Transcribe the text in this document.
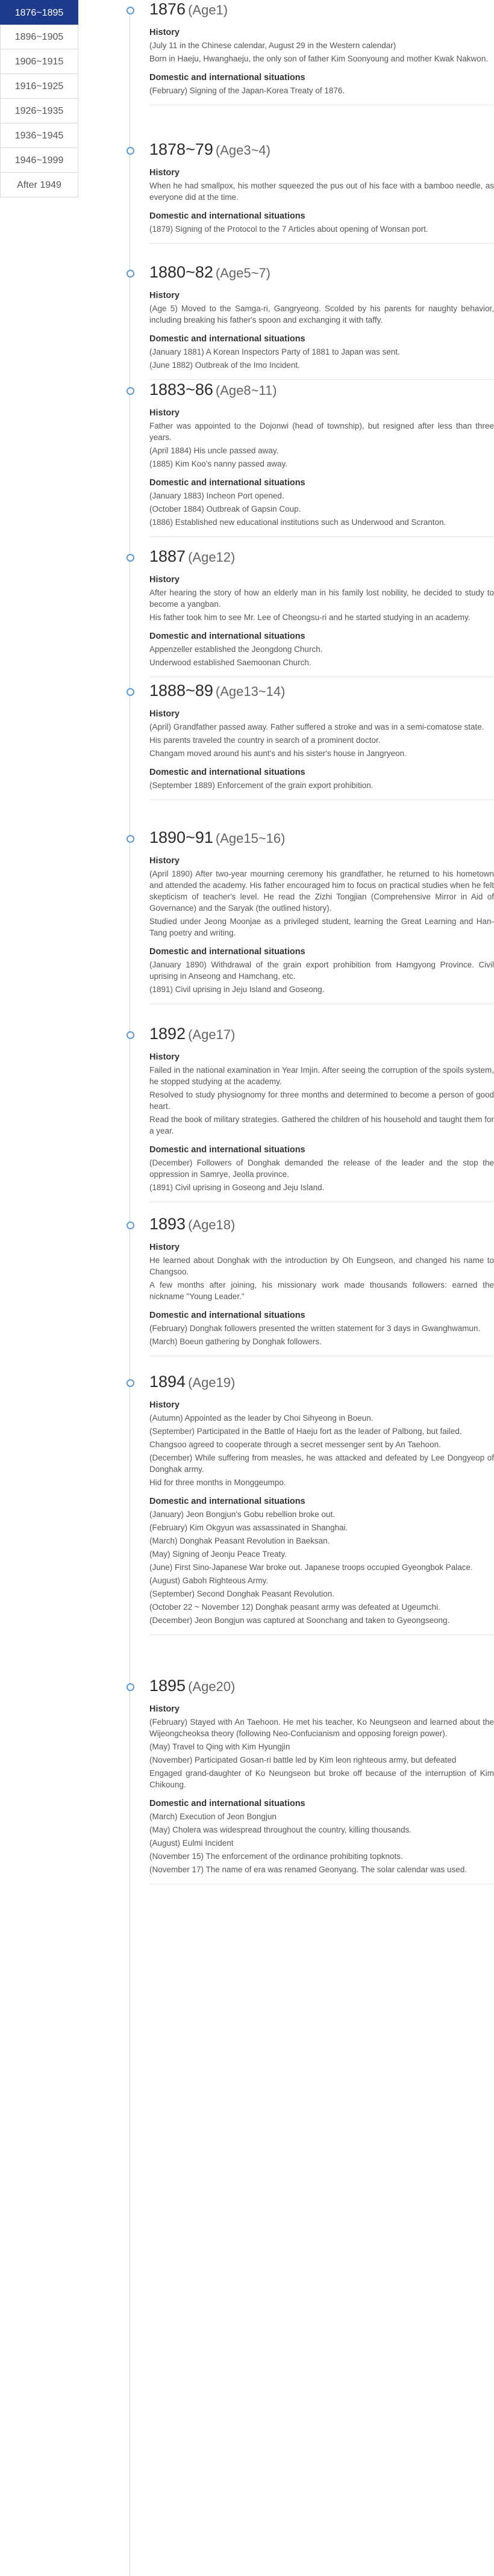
1876~1895
1896~1905
1906~1915
1916~1925
1926~1935
1936~1945
1946~1999
After 1949
1876 (Age1)
History
(July 11 in the Chinese calendar, August 29 in the Western calendar)
Born in Haeju, Hwanghaeju, the only son of father Kim Soonyoung and mother Kwak Nakwon.
Domestic and international situations
(February) Signing of the Japan-Korea Treaty of 1876.
1878~79 (Age3~4)
History
When he had smallpox, his mother squeezed the pus out of his face with a bamboo needle, as everyone did at the time.
Domestic and international situations
(1879) Signing of the Protocol to the 7 Articles about opening of Wonsan port.
1880~82 (Age5~7)
History
(Age 5) Moved to the Samga-ri, Gangryeong. Scolded by his parents for naughty behavior, including breaking his father's spoon and exchanging it with taffy.
Domestic and international situations
(January 1881) A Korean Inspectors Party of 1881 to Japan was sent.
(June 1882) Outbreak of the Imo Incident.
1883~86 (Age8~11)
History
Father was appointed to the Dojonwi (head of township), but resigned after less than three years.
(April 1884) His uncle passed away.
(1885) Kim Koo's nanny passed away.
Domestic and international situations
(January 1883) Incheon Port opened.
(October 1884) Outbreak of Gapsin Coup.
(1886) Established new educational institutions such as Underwood and Scranton.
1887 (Age12)
History
After hearing the story of how an elderly man in his family lost nobility, he decided to study to become a yangban.
His father took him to see Mr. Lee of Cheongsu-ri and he started studying in an academy.
Domestic and international situations
Appenzeller established the Jeongdong Church.
Underwood established Saemoonan Church.
1888~89 (Age13~14)
History
(April) Grandfather passed away. Father suffered a stroke and was in a semi-comatose state.
His parents traveled the country in search of a prominent doctor.
Changam moved around his aunt's and his sister's house in Jangryeon.
Domestic and international situations
(September 1889) Enforcement of the grain export prohibition.
1890~91 (Age15~16)
History
(April 1890) After two-year mourning ceremony his grandfather, he returned to his hometown and attended the academy. His father encouraged him to focus on practical studies when he felt skepticism of teacher's level. He read the Zizhi Tongjian (Comprehensive Mirror in Aid of Governance) and the Saryak (the outlined history).
Studied under Jeong Moonjae as a privileged student, learning the Great Learning and Han-Tang poetry and writing.
Domestic and international situations
(January 1890) Withdrawal of the grain export prohibition from Hamgyong Province. Civil uprising in Anseong and Hamchang, etc.
(1891) Civil uprising in Jeju Island and Goseong.
1892 (Age17)
History
Failed in the national examination in Year Imjin. After seeing the corruption of the spoils system, he stopped studying at the academy.
Resolved to study physiognomy for three months and determined to become a person of good heart.
Read the book of military strategies. Gathered the children of his household and taught them for a year.
Domestic and international situations
(December) Followers of Donghak demanded the release of the leader and the stop the oppression in Samrye, Jeolla province.
(1891) Civil uprising in Goseong and Jeju Island.
1893 (Age18)
History
He learned about Donghak with the introduction by Oh Eungseon, and changed his name to Changsoo.
A few months after joining, his missionary work made thousands followers: earned the nickname "Young Leader."
Domestic and international situations
(February) Donghak followers presented the written statement for 3 days in Gwanghwamun.
(March) Boeun gathering by Donghak followers.
1894 (Age19)
History
(Autumn) Appointed as the leader by Choi Sihyeong in Boeun.
(September) Participated in the Battle of Haeju fort as the leader of Palbong, but failed.
Changsoo agreed to cooperate through a secret messenger sent by An Taehoon.
(December) While suffering from measles, he was attacked and defeated by Lee Dongyeop of Donghak army.
Hid for three months in Monggeumpo.
Domestic and international situations
(January) Jeon Bongjun's Gobu rebellion broke out.
(February) Kim Okgyun was assassinated in Shanghai.
(March) Donghak Peasant Revolution in Baeksan.
(May) Signing of Jeonju Peace Treaty.
(June) First Sino-Japanese War broke out. Japanese troops occupied Gyeongbok Palace.
(August) Gaboh Righteous Army.
(September) Second Donghak Peasant Revolution.
(October 22 ~ November 12) Donghak peasant army was defeated at Ugeumchi.
(December) Jeon Bongjun was captured at Soonchang and taken to Gyeongseong.
1895 (Age20)
History
(February) Stayed with An Taehoon. He met his teacher, Ko Neungseon and learned about the Wijeongcheoksa theory (following Neo-Confucianism and opposing foreign power).
(May) Travel to Qing with Kim Hyungjin
(November) Participated Gosan-ri battle led by Kim leon righteous army, but defeated
Engaged grand-daughter of Ko Neungseon but broke off because of the interruption of Kim Chikoung.
Domestic and international situations
(March) Execution of Jeon Bongjun
(May) Cholera was widespread throughout the country, killing thousands.
(August) Eulmi Incident
(November 15) The enforcement of the ordinance prohibiting topknots.
(November 17) The name of era was renamed Geonyang. The solar calendar was used.
